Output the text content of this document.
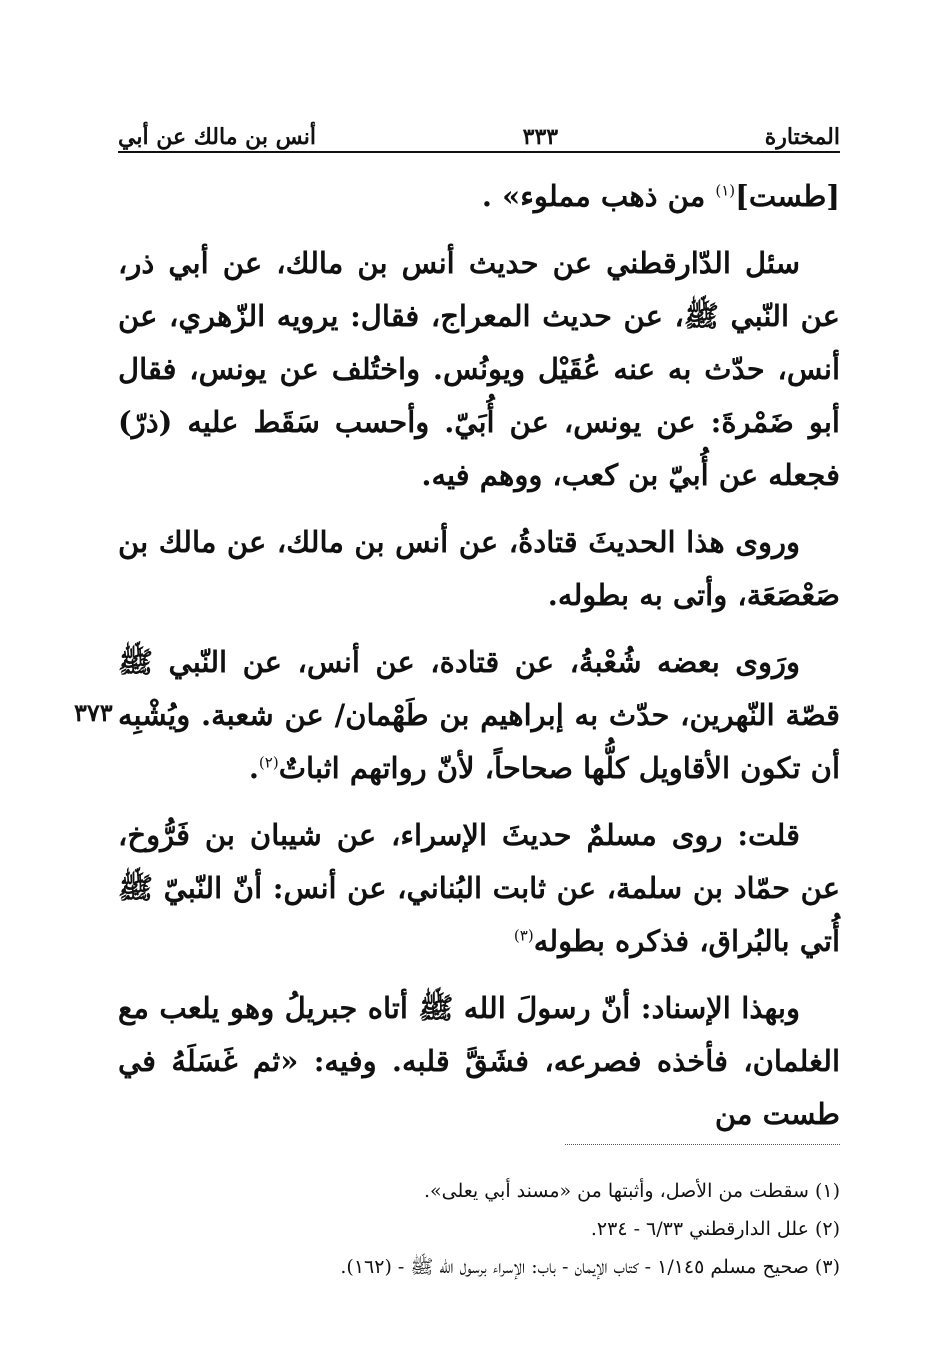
المختارة
٣٣٣
أنس بن مالك عن أبي

[طست]$^{(١)}$ من ذهب مملوء» .

سئل الدّارقطني عن حديث أنس بن مالك، عن أبي ذر، عن النّبي ﷺ، عن حديث المعراج، فقال: يرويه الزّهري، عن أنس، حدّث به عنه عُقَيْل ويونُس. واختُلف عن يونس، فقال أبو ضَمْرةَ: عن يونس، عن أُبَيّ. وأحسب سَقَط عليه (ذرّ) فجعله عن أُبيّ بن كعب، ووهم فيه.

وروى هذا الحديثَ قتادةُ، عن أنس بن مالك، عن مالك بن صَعْصَعَة، وأتى به بطوله.

ورَوى بعضه شُعْبةُ، عن قتادة، عن أنس، عن النّبي ﷺ قصّة النّهرين، حدّث به إبراهيم بن طَهْمان/ عن شعبة. ويُشْبِه أن تكون الأقاويل كلُّها صحاحاً، لأنّ رواتهم اثباتٌ$^{(٢)}$.

قلت: روى مسلمٌ حديثَ الإسراء، عن شيبان بن فَرُّوخ، عن حمّاد بن سلمة، عن ثابت البُناني، عن أنس: أنّ النّبيّ ﷺ أُتي بالبُراق، فذكره بطوله$^{(٣)}$

وبهذا الإسناد: أنّ رسولَ الله ﷺ أتاه جبريلُ وهو يلعب مع الغلمان، فأخذه فصرعه، فشَقَّ قلبه. وفيه: «ثم غَسَلَهُ في طست من

٣٧٣
(١) سقطت من الأصل، وأثبتها من «مسند أبي يعلى».
(٢) علل الدارقطني ٦/٣٣ - ٢٣٤.
(٣) صحيح مسلم ١/١٤٥ - كتاب الإيمان - باب: الإسراء برسول الله ﷺ - (١٦٢).
